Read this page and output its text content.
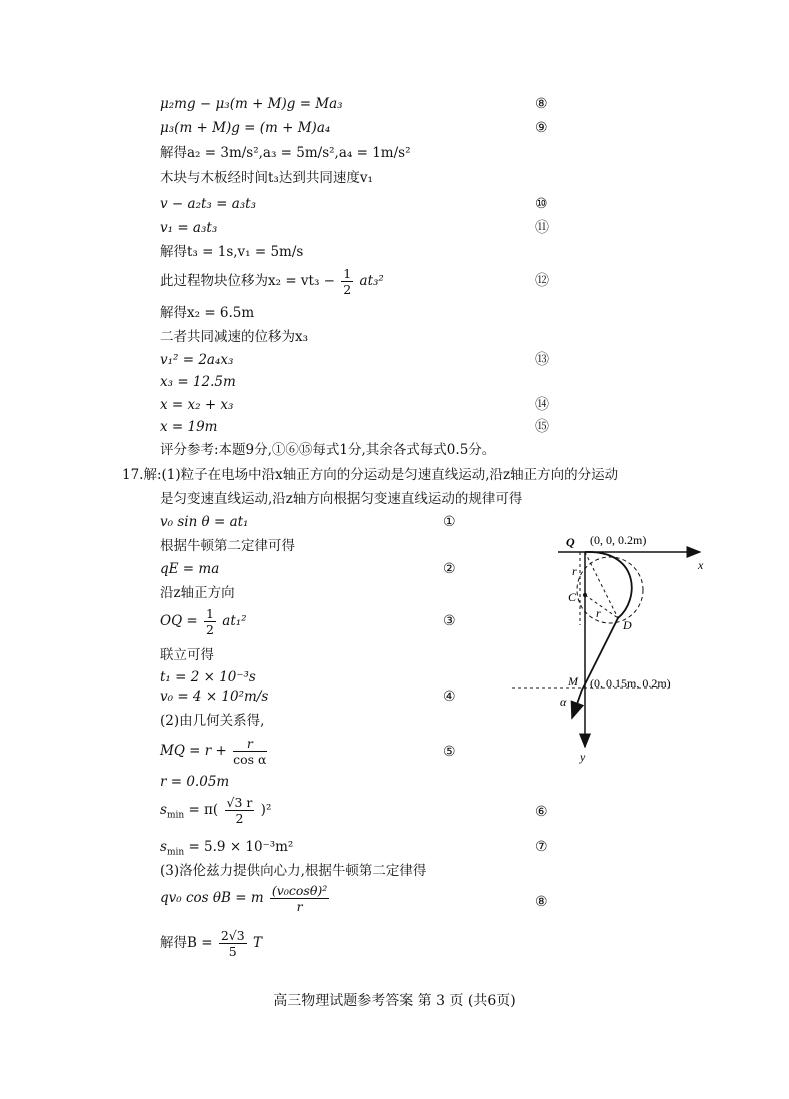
μ₂mg − μ₃(m + M)g = Ma₃	⑧
μ₃(m + M)g = (m + M)a₄	⑨
解得a₂ = 3m/s²,a₃ = 5m/s²,a₄ = 1m/s²
木块与木板经时间t₃达到共同速度v₁
v − a₂t₃ = a₃t₃	⑩
v₁ = a₃t₃	⑪
解得t₃ = 1s,v₁ = 5m/s
此过程物块位移为$x_2 = vt_3 - \frac{1}{2} at_3^2$	⑫
解得x₂ = 6.5m
二者共同减速的位移为x₃
v₁² = 2a₄x₃	⑬
x₃ = 12.5m
x = x₂ + x₃	⑭
x = 19m	⑮
评分参考:本题9分,①⑥⑮每式1分,其余各式每式0.5分。
17.解:(1)粒子在电场中沿x轴正方向的分运动是匀速直线运动,沿z轴正方向的分运动
是匀变速直线运动,沿z轴方向根据匀变速直线运动的规律可得
v₀ sin θ = at₁	①
根据牛顿第二定律可得
qE = ma	②
沿z轴正方向
OQ = $\frac{1}{2} at_1^2$	③
联立可得
t₁ = 2 × 10⁻³s
v₀ = 4 × 10²m/s	④
(2)由几何关系得,
MQ = $r + \frac{r}{\text{cos α}}$	⑤
r = 0.05m
$s_{min} = \pi( \frac{√3 r}{2} )^2$	⑥
$s_{min} = 5.9 \times 10^{-3}m^2$	⑦
(3)洛伦兹力提供向心力,根据牛顿第二定律得
qv₀ cos θB = m $\frac{\text{(v₀cosθ)²}}{r}$	⑧
解得$B = \frac{2√3}{5}$ T
Q (0, 0, 0.2m)
x
r
C
r
D
M (0, 0.15m, 0.2m)
α
y
高三物理试题参考答案 第 3 页 (共6页)
